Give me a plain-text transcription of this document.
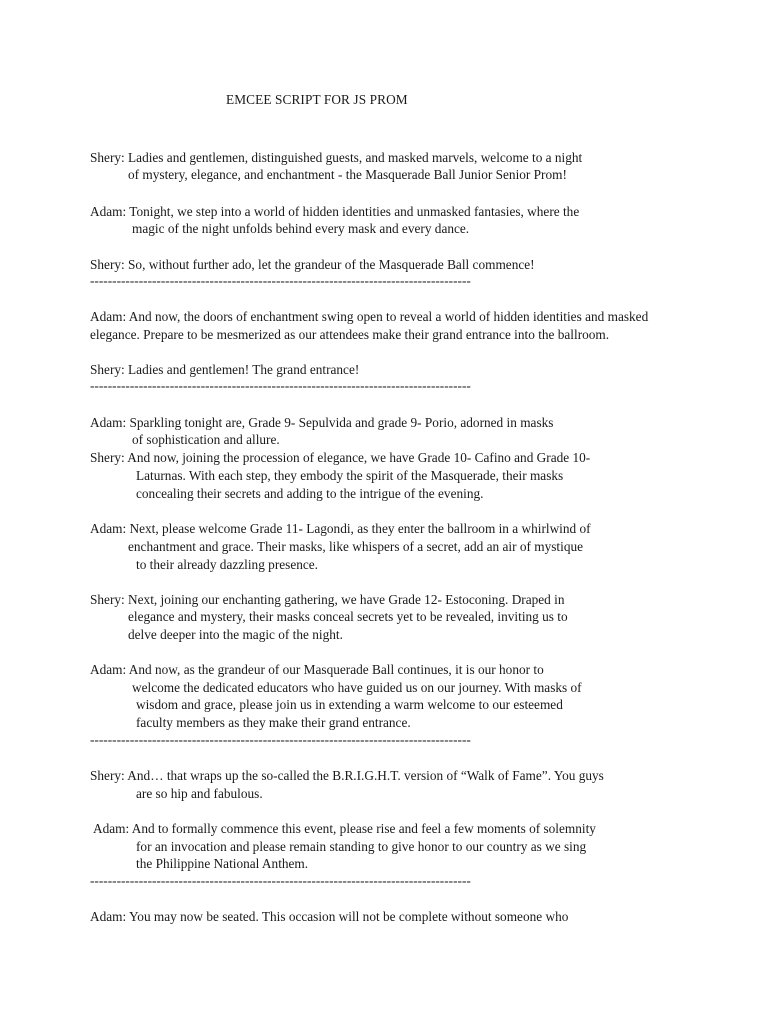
EMCEE SCRIPT FOR JS PROM
Shery: Ladies and gentlemen, distinguished guests, and masked marvels, welcome to a night
of mystery, elegance, and enchantment - the Masquerade Ball Junior Senior Prom!
Adam: Tonight, we step into a world of hidden identities and unmasked fantasies, where the
magic of the night unfolds behind every mask and every dance.
Shery: So, without further ado, let the grandeur of the Masquerade Ball commence!
--------------------------------------------------------------------------------------
Adam: And now, the doors of enchantment swing open to reveal a world of hidden identities and masked
elegance. Prepare to be mesmerized as our attendees make their grand entrance into the ballroom.
Shery: Ladies and gentlemen! The grand entrance!
--------------------------------------------------------------------------------------
Adam: Sparkling tonight are, Grade 9- Sepulvida and grade 9- Porio, adorned in masks
of sophistication and allure.
Shery: And now, joining the procession of elegance, we have Grade 10- Cafino and Grade 10-
Laturnas. With each step, they embody the spirit of the Masquerade, their masks
concealing their secrets and adding to the intrigue of the evening.
Adam: Next, please welcome Grade 11- Lagondi, as they enter the ballroom in a whirlwind of
enchantment and grace. Their masks, like whispers of a secret, add an air of mystique
to their already dazzling presence.
Shery: Next, joining our enchanting gathering, we have Grade 12- Estoconing. Draped in
elegance and mystery, their masks conceal secrets yet to be revealed, inviting us to
delve deeper into the magic of the night.
Adam: And now, as the grandeur of our Masquerade Ball continues, it is our honor to
welcome the dedicated educators who have guided us on our journey. With masks of
wisdom and grace, please join us in extending a warm welcome to our esteemed
faculty members as they make their grand entrance.
--------------------------------------------------------------------------------------
Shery: And… that wraps up the so-called the B.R.I.G.H.T. version of “Walk of Fame”. You guys
are so hip and fabulous.
Adam: And to formally commence this event, please rise and feel a few moments of solemnity
for an invocation and please remain standing to give honor to our country as we sing
the Philippine National Anthem.
--------------------------------------------------------------------------------------
Adam: You may now be seated. This occasion will not be complete without someone who
